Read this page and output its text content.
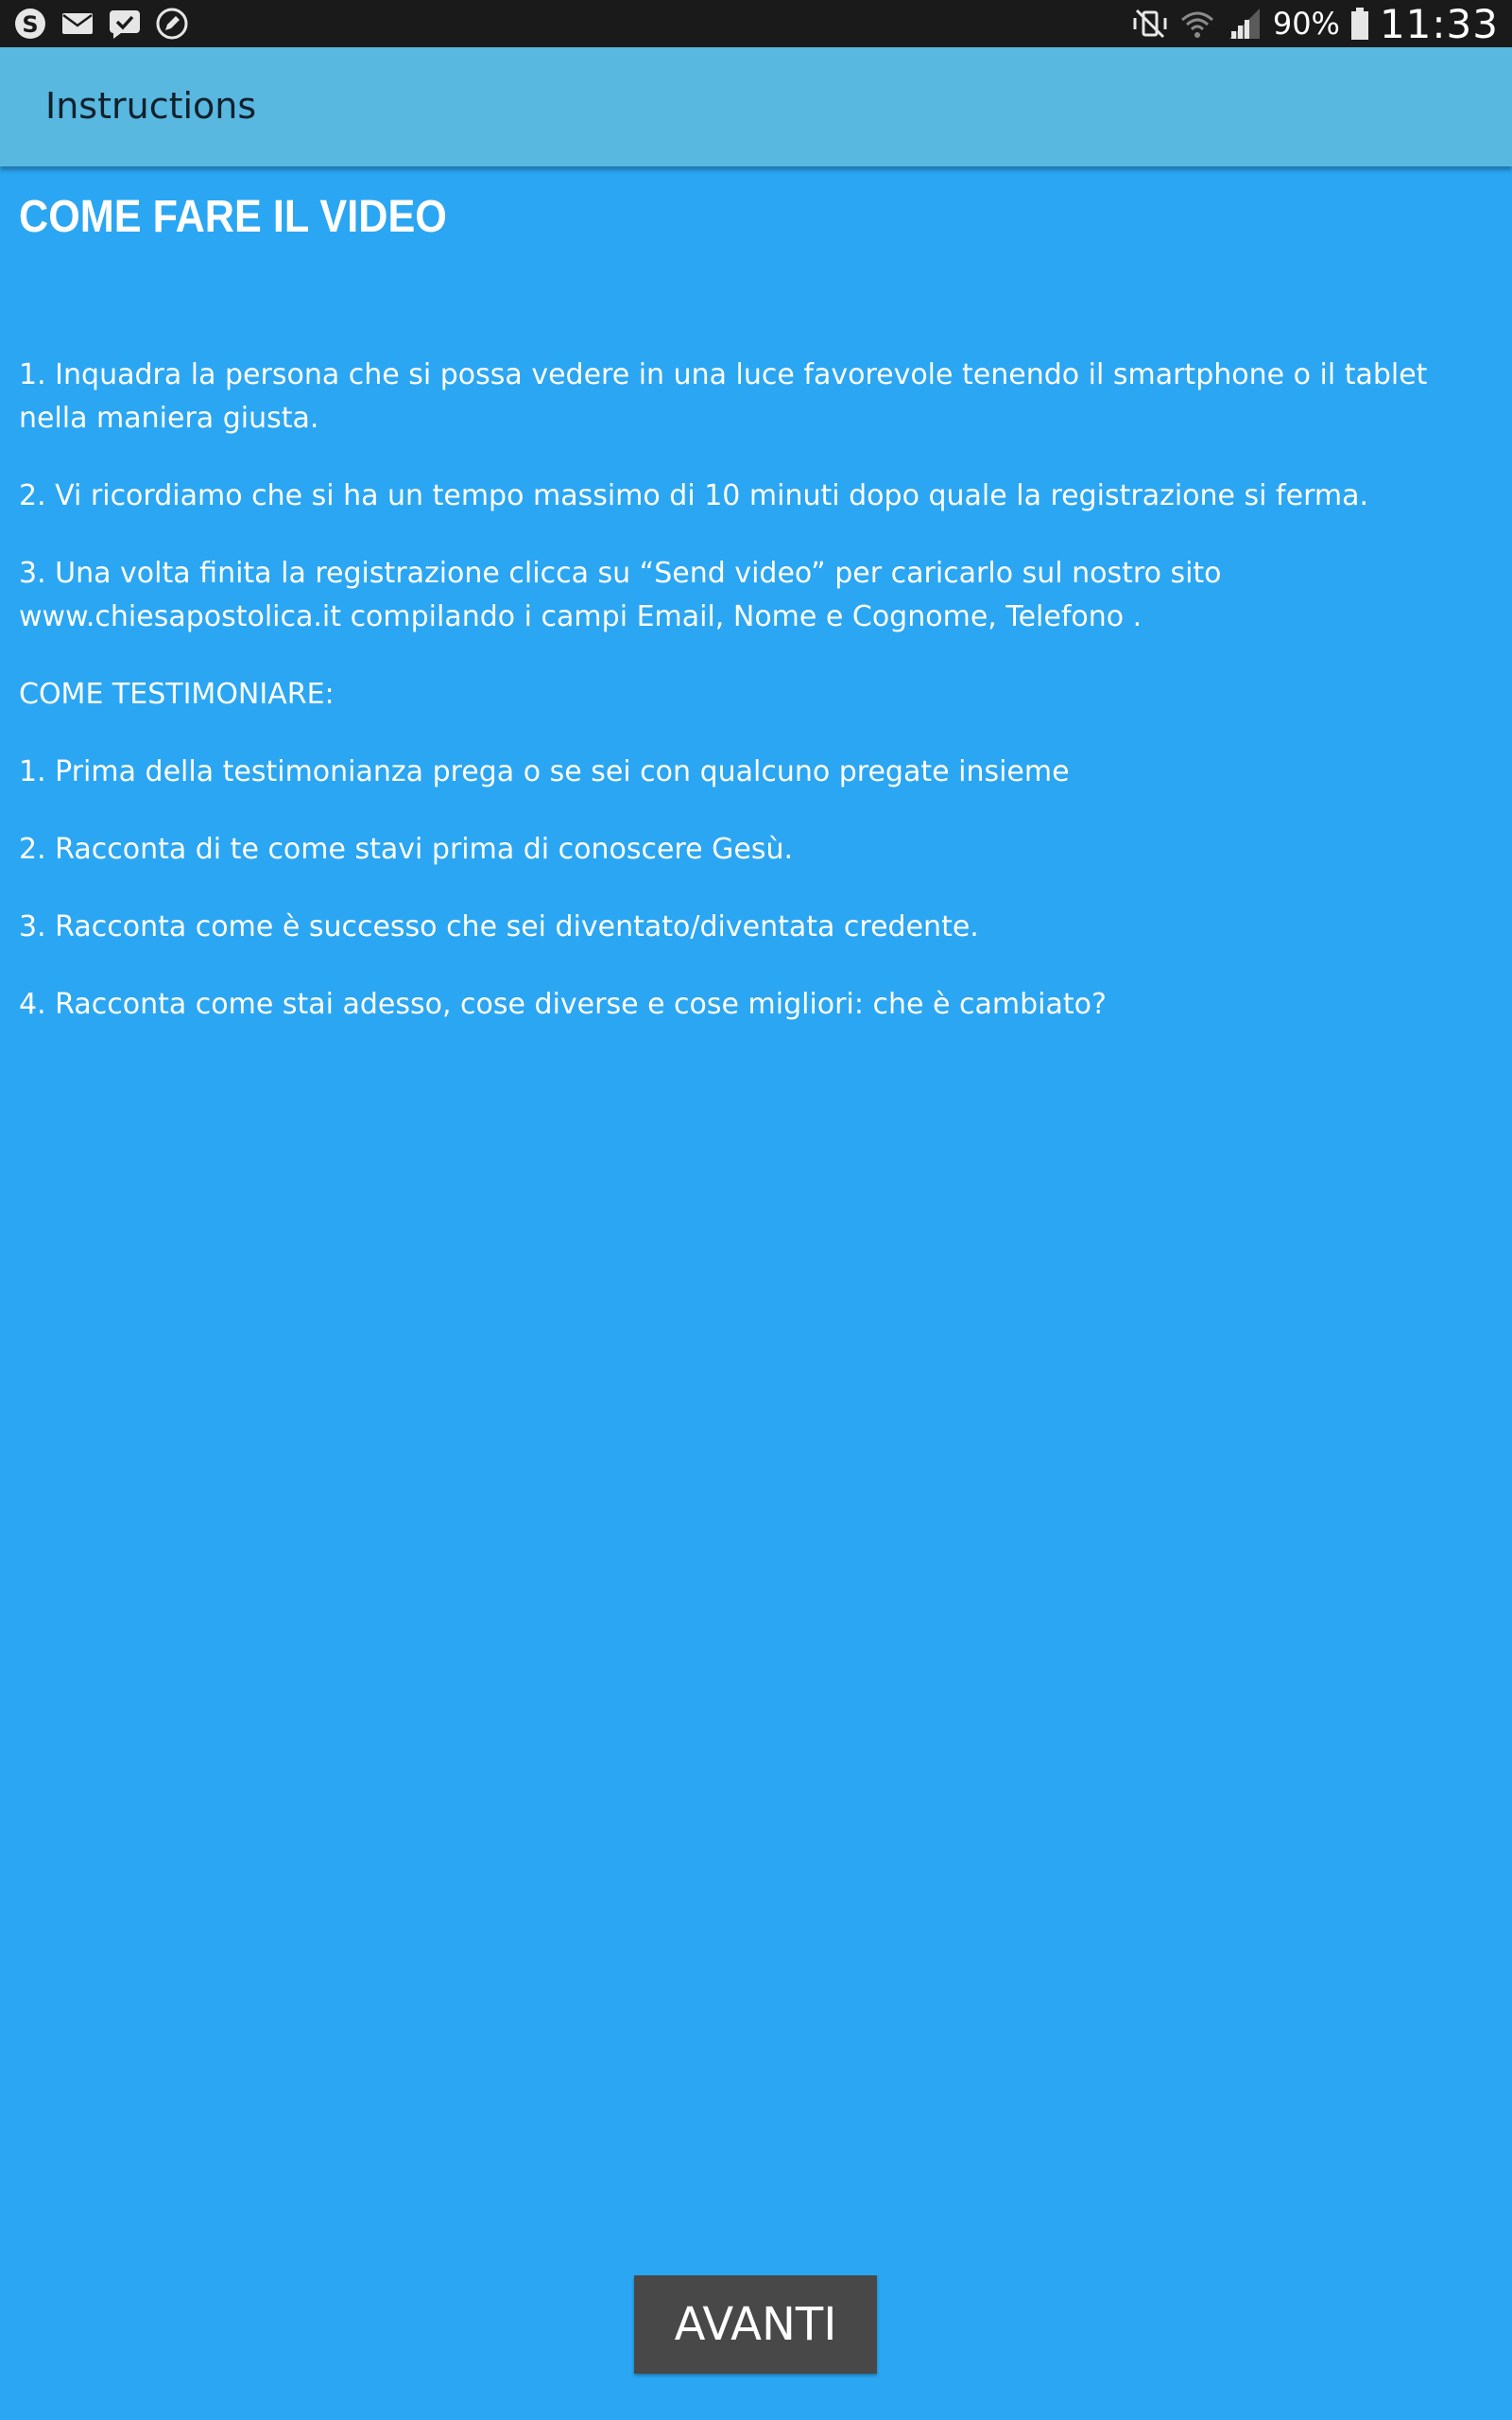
S	90% 11:33
Instructions
COME FARE IL VIDEO

1. Inquadra la persona che si possa vedere in una luce favorevole tenendo il smartphone o il tablet nella maniera giusta.

2. Vi ricordiamo che si ha un tempo massimo di 10 minuti dopo quale la registrazione si ferma.

3. Una volta finita la registrazione clicca su “Send video” per caricarlo sul nostro sito www.chiesapostolica.it compilando i campi Email, Nome e Cognome, Telefono .

COME TESTIMONIARE:

1. Prima della testimonianza prega o se sei con qualcuno pregate insieme

2. Racconta di te come stavi prima di conoscere Gesù.

3. Racconta come è successo che sei diventato/diventata credente.

4. Racconta come stai adesso, cose diverse e cose migliori: che è cambiato?

AVANTI
